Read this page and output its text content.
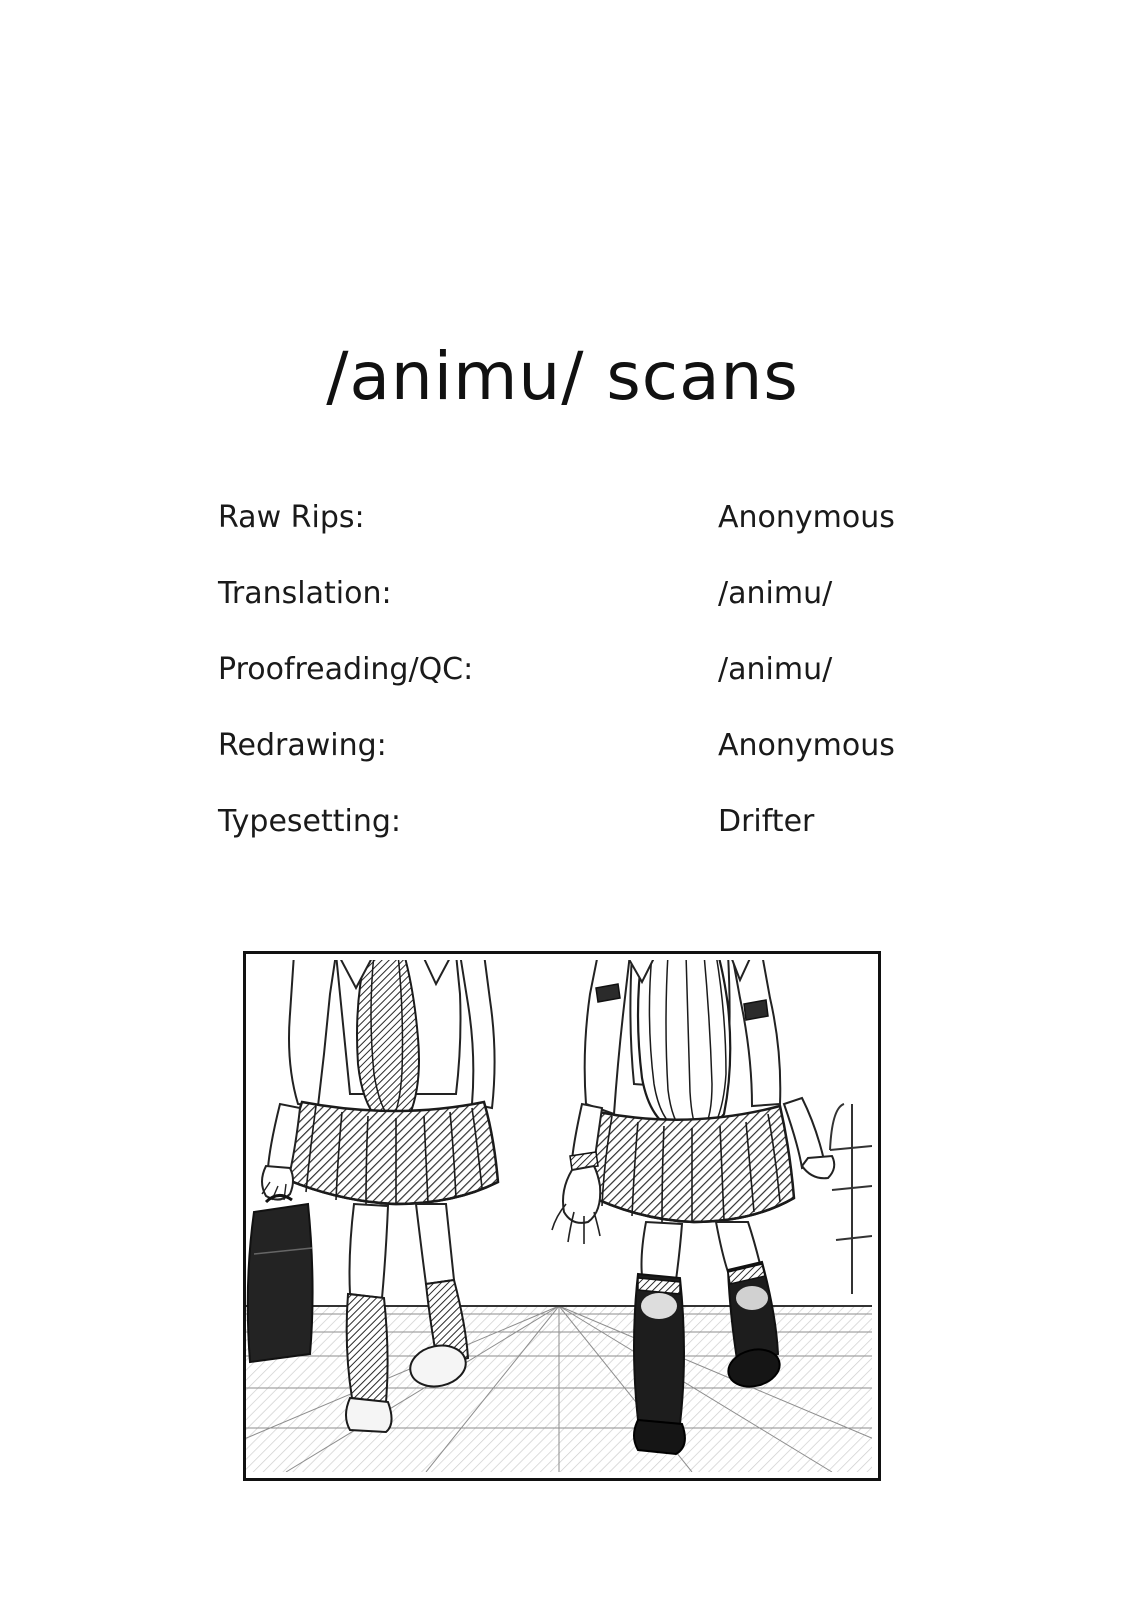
/animu/ scans
Raw Rips:	Anonymous
Translation:	/animu/
Proofreading/QC:	/animu/
Redrawing:	Anonymous
Typesetting:	Drifter
